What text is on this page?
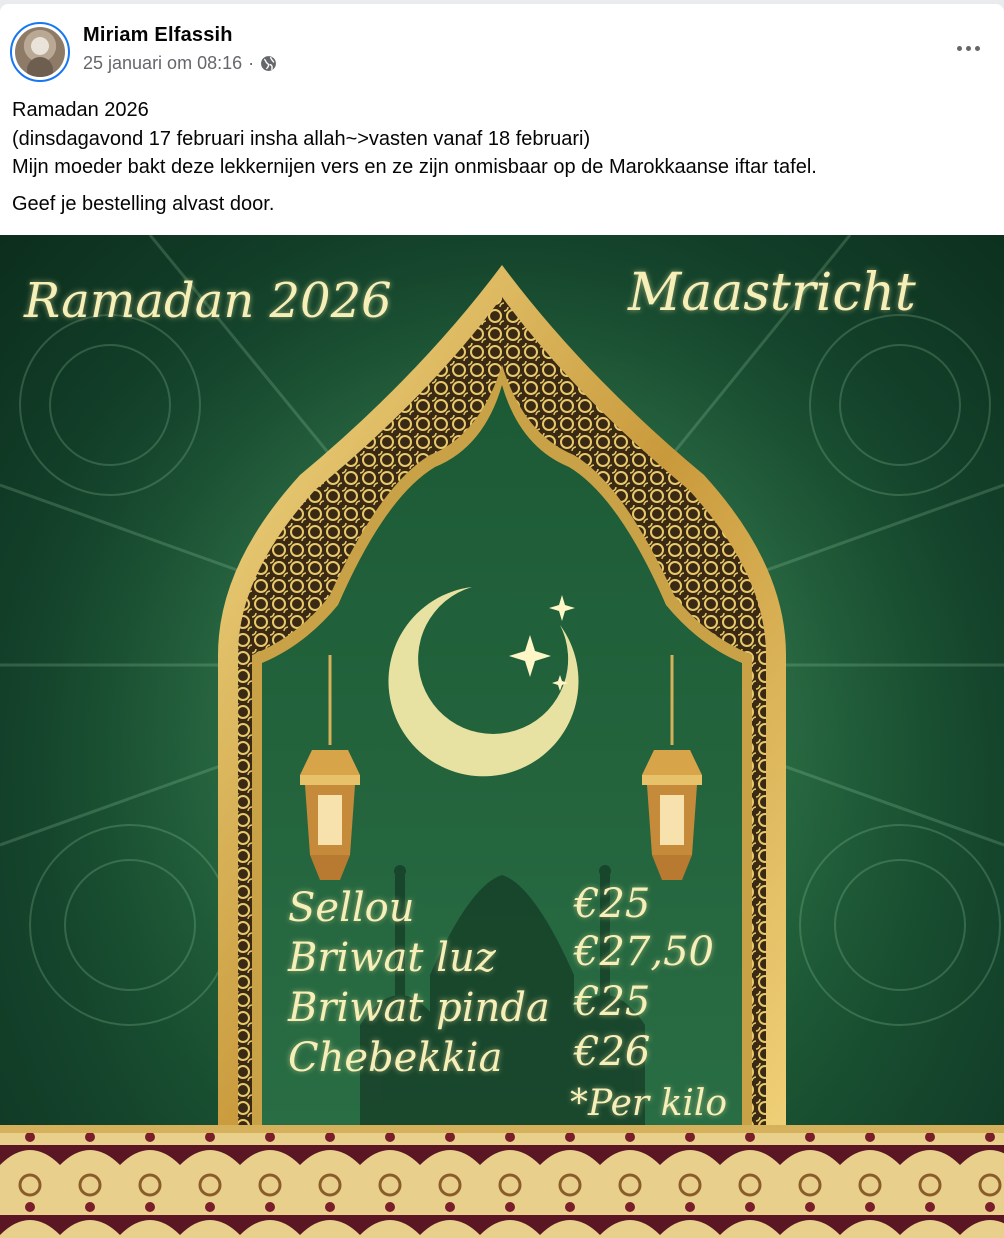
Miriam Elfassih
25 januari om 08:16 ·

Ramadan 2026

(dinsdagavond 17 februari insha allah~>vasten vanaf 18 februari)

Mijn moeder bakt deze lekkernijen vers en ze zijn onmisbaar op de Marokkaanse iftar tafel.

Geef je bestelling alvast door.

Ramadan 2026	Maastricht
Sellou	€25
Briwat luz €27,50
Briwat pinda €25
Chebekkia €26
*Per kilo
